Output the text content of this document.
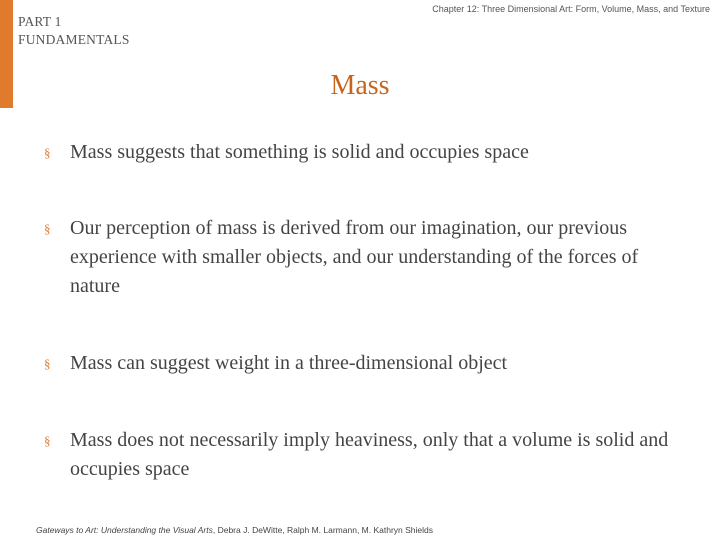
PART 1
FUNDAMENTALS
Chapter 12: Three Dimensional Art: Form, Volume, Mass, and Texture
Mass
§ Mass suggests that something is solid and occupies space
§ Our perception of mass is derived from our imagination, our previous experience with smaller objects, and our understanding of the forces of nature
§ Mass can suggest weight in a three-dimensional object
§ Mass does not necessarily imply heaviness, only that a volume is solid and occupies space
Gateways to Art: Understanding the Visual Arts, Debra J. DeWitte, Ralph M. Larmann, M. Kathryn Shields
